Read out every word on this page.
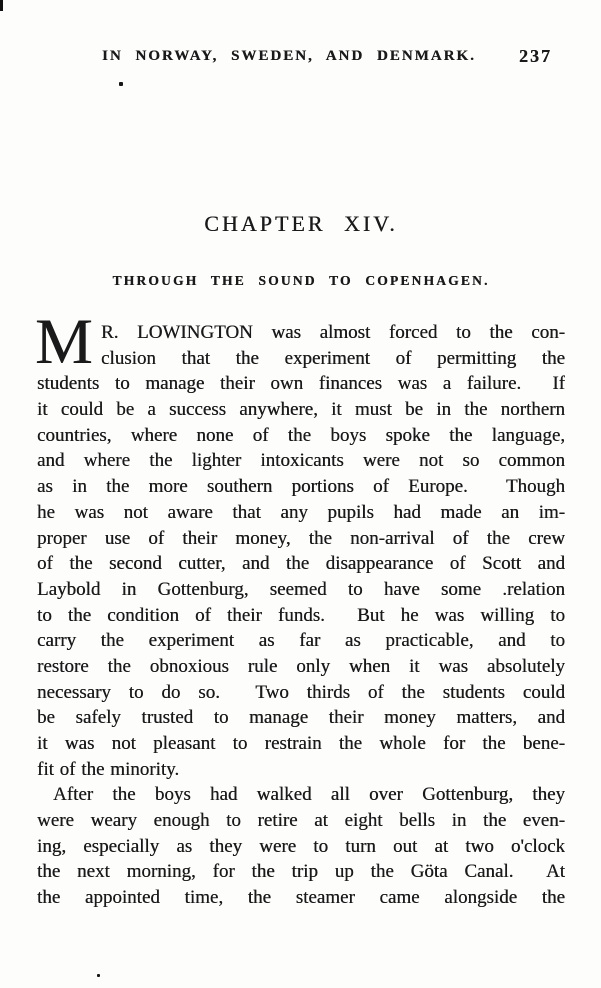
IN NORWAY, SWEDEN, AND DENMARK. 237
CHAPTER XIV.
THROUGH THE SOUND TO COPENHAGEN.
M R. LOWINGTON was almost forced to the con-
clusion that the experiment of permitting the
students to manage their own finances was a failure.  If
it could be a success anywhere, it must be in the northern
countries, where none of the boys spoke the language,
and where the lighter intoxicants were not so common
as in the more southern portions of Europe.  Though
he was not aware that any pupils had made an im-
proper use of their money, the non-arrival of the crew
of the second cutter, and the disappearance of Scott and
Laybold in Gottenburg, seemed to have some .relation
to the condition of their funds.  But he was willing to
carry the experiment as far as practicable, and to
restore the obnoxious rule only when it was absolutely
necessary to do so.  Two thirds of the students could
be safely trusted to manage their money matters, and
it was not pleasant to restrain the whole for the bene-
fit of the minority.
After the boys had walked all over Gottenburg, they
were weary enough to retire at eight bells in the even-
ing, especially as they were to turn out at two o'clock
the next morning, for the trip up the Göta Canal.  At
the appointed time, the steamer came alongside the
